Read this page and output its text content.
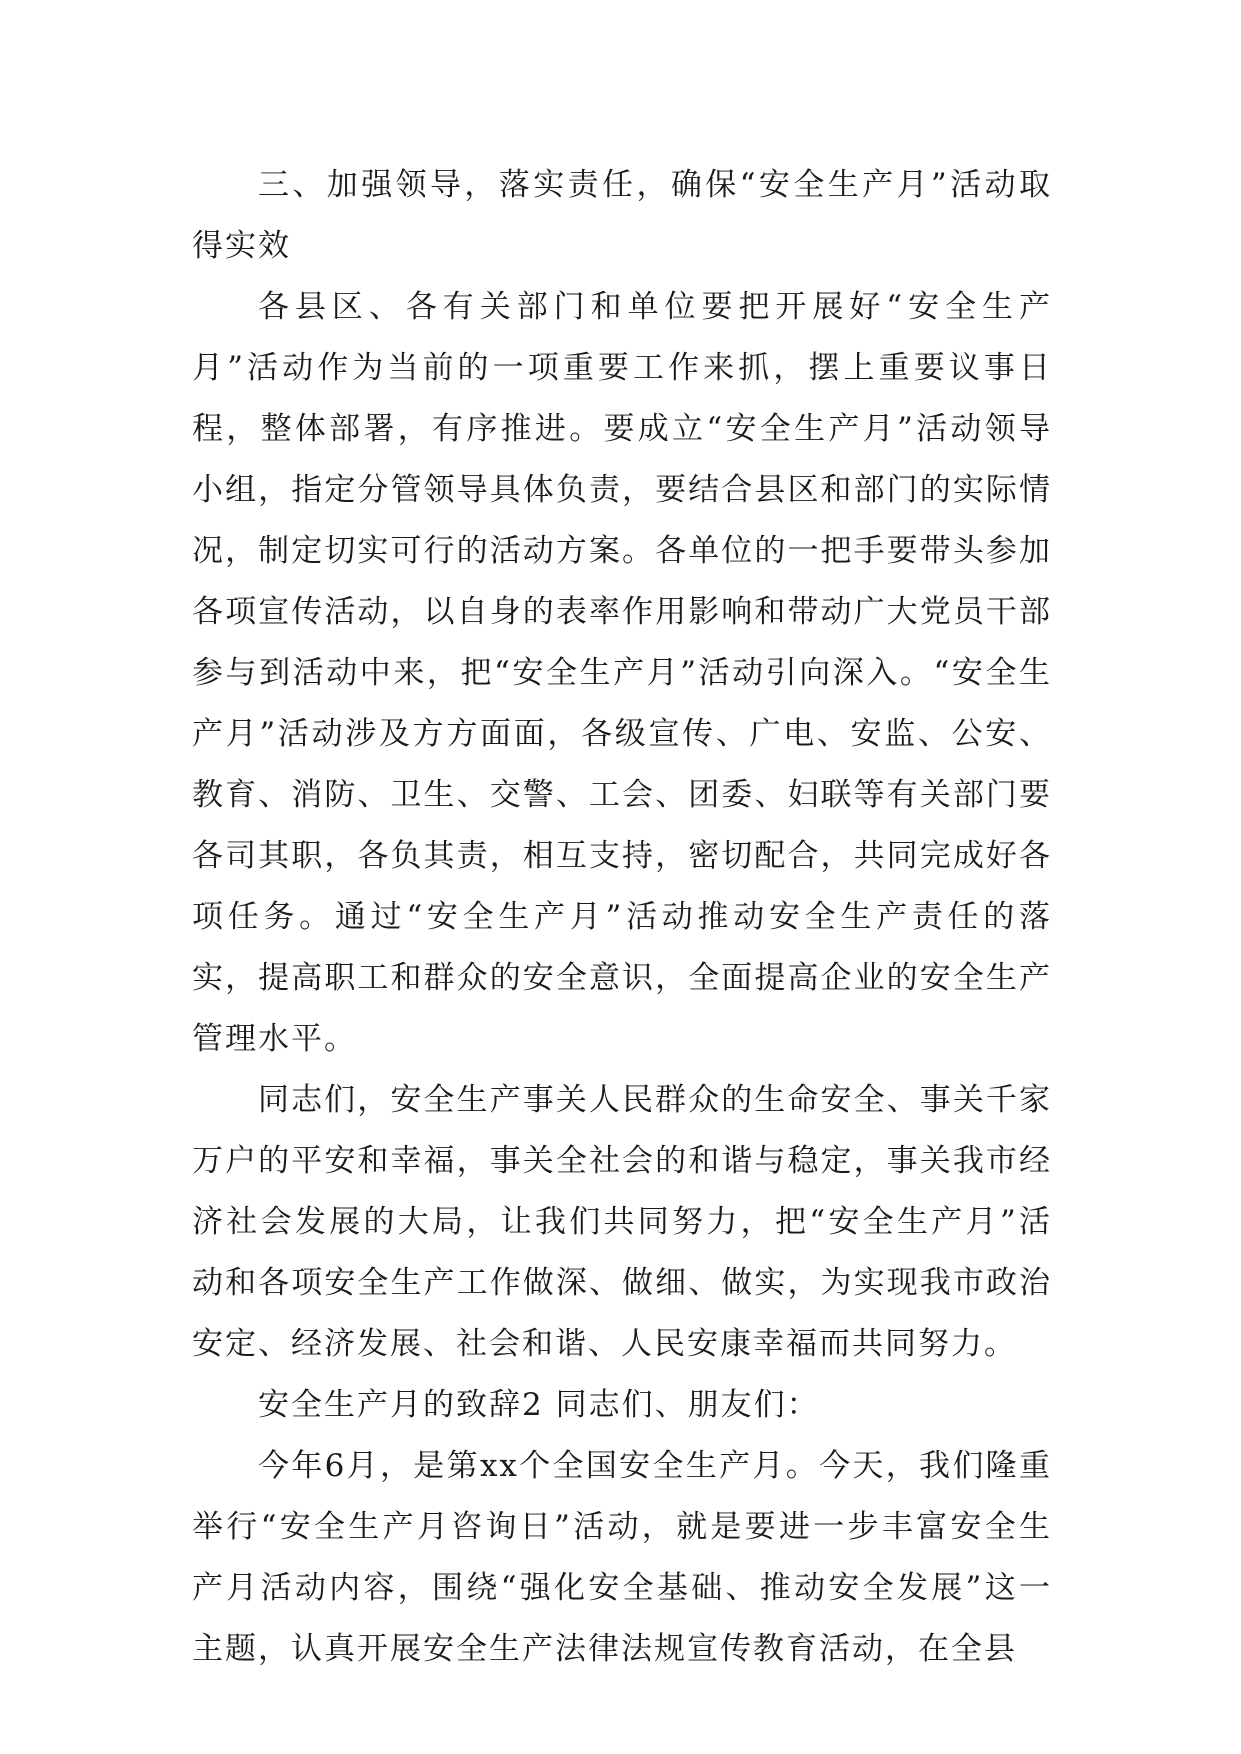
三、加强领导，落实责任，确保“安全生产月”活动取得实效

各县区、各有关部门和单位要把开展好“安全生产月”活动作为当前的一项重要工作来抓，摆上重要议事日程，整体部署，有序推进。要成立“安全生产月”活动领导小组，指定分管领导具体负责，要结合县区和部门的实际情况，制定切实可行的活动方案。各单位的一把手要带头参加各项宣传活动，以自身的表率作用影响和带动广大党员干部参与到活动中来，把“安全生产月”活动引向深入。“安全生产月”活动涉及方方面面，各级宣传、广电、安监、公安、教育、消防、卫生、交警、工会、团委、妇联等有关部门要各司其职，各负其责，相互支持，密切配合，共同完成好各项任务。通过“安全生产月”活动推动安全生产责任的落实，提高职工和群众的安全意识，全面提高企业的安全生产管理水平。

同志们，安全生产事关人民群众的生命安全、事关千家万户的平安和幸福，事关全社会的和谐与稳定，事关我市经济社会发展的大局，让我们共同努力，把“安全生产月”活动和各项安全生产工作做深、做细、做实，为实现我市政治安定、经济发展、社会和谐、人民安康幸福而共同努力。

安全生产月的致辞2 同志们、朋友们：

今年6月，是第xx个全国安全生产月。今天，我们隆重举行“安全生产月咨询日”活动，就是要进一步丰富安全生产月活动内容，围绕“强化安全基础、推动安全发展”这一主题，认真开展安全生产法律法规宣传教育活动，在全县
